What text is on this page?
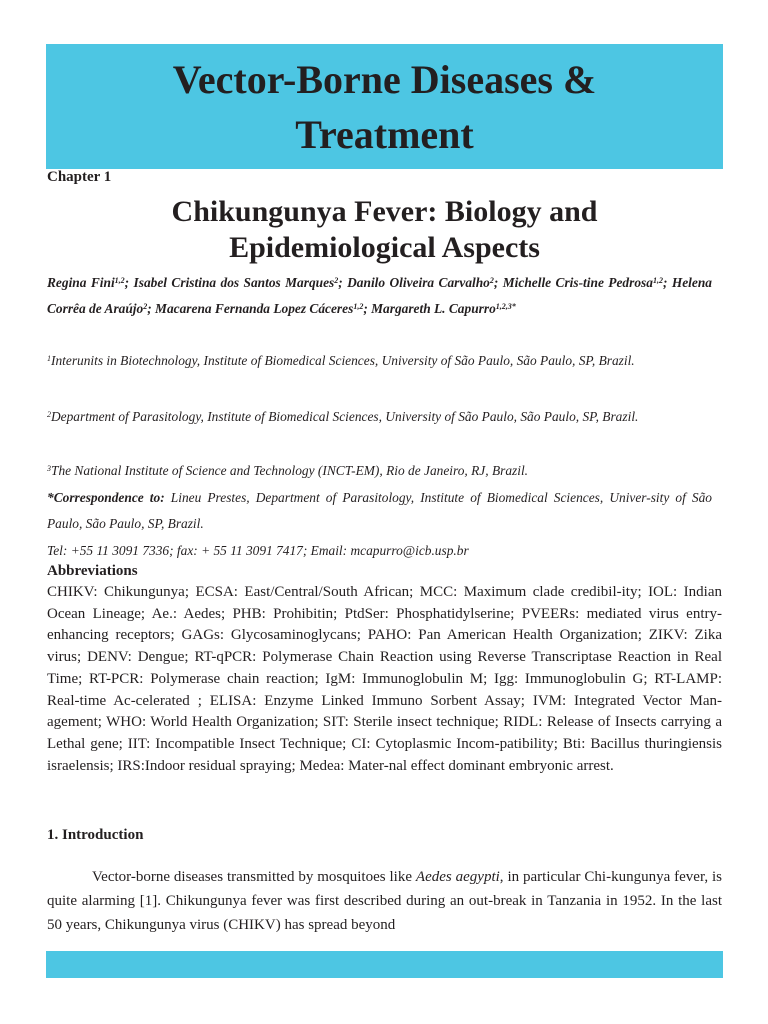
Vector-Borne Diseases &
Treatment
Chapter 1
Chikungunya Fever: Biology and
Epidemiological Aspects

Regina Fini$^{1,2}$; Isabel Cristina dos Santos Marques$^2$; Danilo Oliveira Carvalho$^2$; Michelle Cris-tine Pedrosa$^{1,2}$; Helena Corrêa de Araújo$^2$; Macarena Fernanda Lopez Cáceres$^{1,2}$; Margareth L. Capurro$^{1,2,3*}$

$^1$Interunits in Biotechnology, Institute of Biomedical Sciences, University of São Paulo, São Paulo, SP, Brazil.

$^2$Department of Parasitology, Institute of Biomedical Sciences, University of São Paulo, São Paulo, SP, Brazil.

$^3$The National Institute of Science and Technology (INCT-EM), Rio de Janeiro, RJ, Brazil.

*Correspondence to: Lineu Prestes, Department of Parasitology, Institute of Biomedical Sciences, Univer-sity of São Paulo, São Paulo, SP, Brazil.

Tel: +55 11 3091 7336; fax: + 55 11 3091 7417; Email: mcapurro@icb.usp.br

Abbreviations

CHIKV: Chikungunya; ECSA: East/Central/South African; MCC: Maximum clade credibil-ity; IOL: Indian Ocean Lineage; Ae.: Aedes; PHB: Prohibitin; PtdSer: Phosphatidylserine; PVEERs: mediated virus entry-enhancing receptors; GAGs: Glycosaminoglycans; PAHO: Pan American Health Organization; ZIKV: Zika virus; DENV: Dengue; RT-qPCR: Polymerase Chain Reaction using Reverse Transcriptase Reaction in Real Time; RT-PCR: Polymerase chain reaction; IgM: Immunoglobulin M; Igg: Immunoglobulin G; RT-LAMP: Real-time Ac-celerated ; ELISA: Enzyme Linked Immuno Sorbent Assay; IVM: Integrated Vector Man-agement; WHO: World Health Organization; SIT: Sterile insect technique; RIDL: Release of Insects carrying a Lethal gene; IIT: Incompatible Insect Technique; CI: Cytoplasmic Incom-patibility; Bti: Bacillus thuringiensis israelensis; IRS:Indoor residual spraying; Medea: Mater-nal effect dominant embryonic arrest.

1. Introduction

Vector-borne diseases transmitted by mosquitoes like Aedes aegypti, in particular Chi-kungunya fever, is quite alarming [1]. Chikungunya fever was first described during an out-break in Tanzania in 1952. In the last 50 years, Chikungunya virus (CHIKV) has spread beyond
